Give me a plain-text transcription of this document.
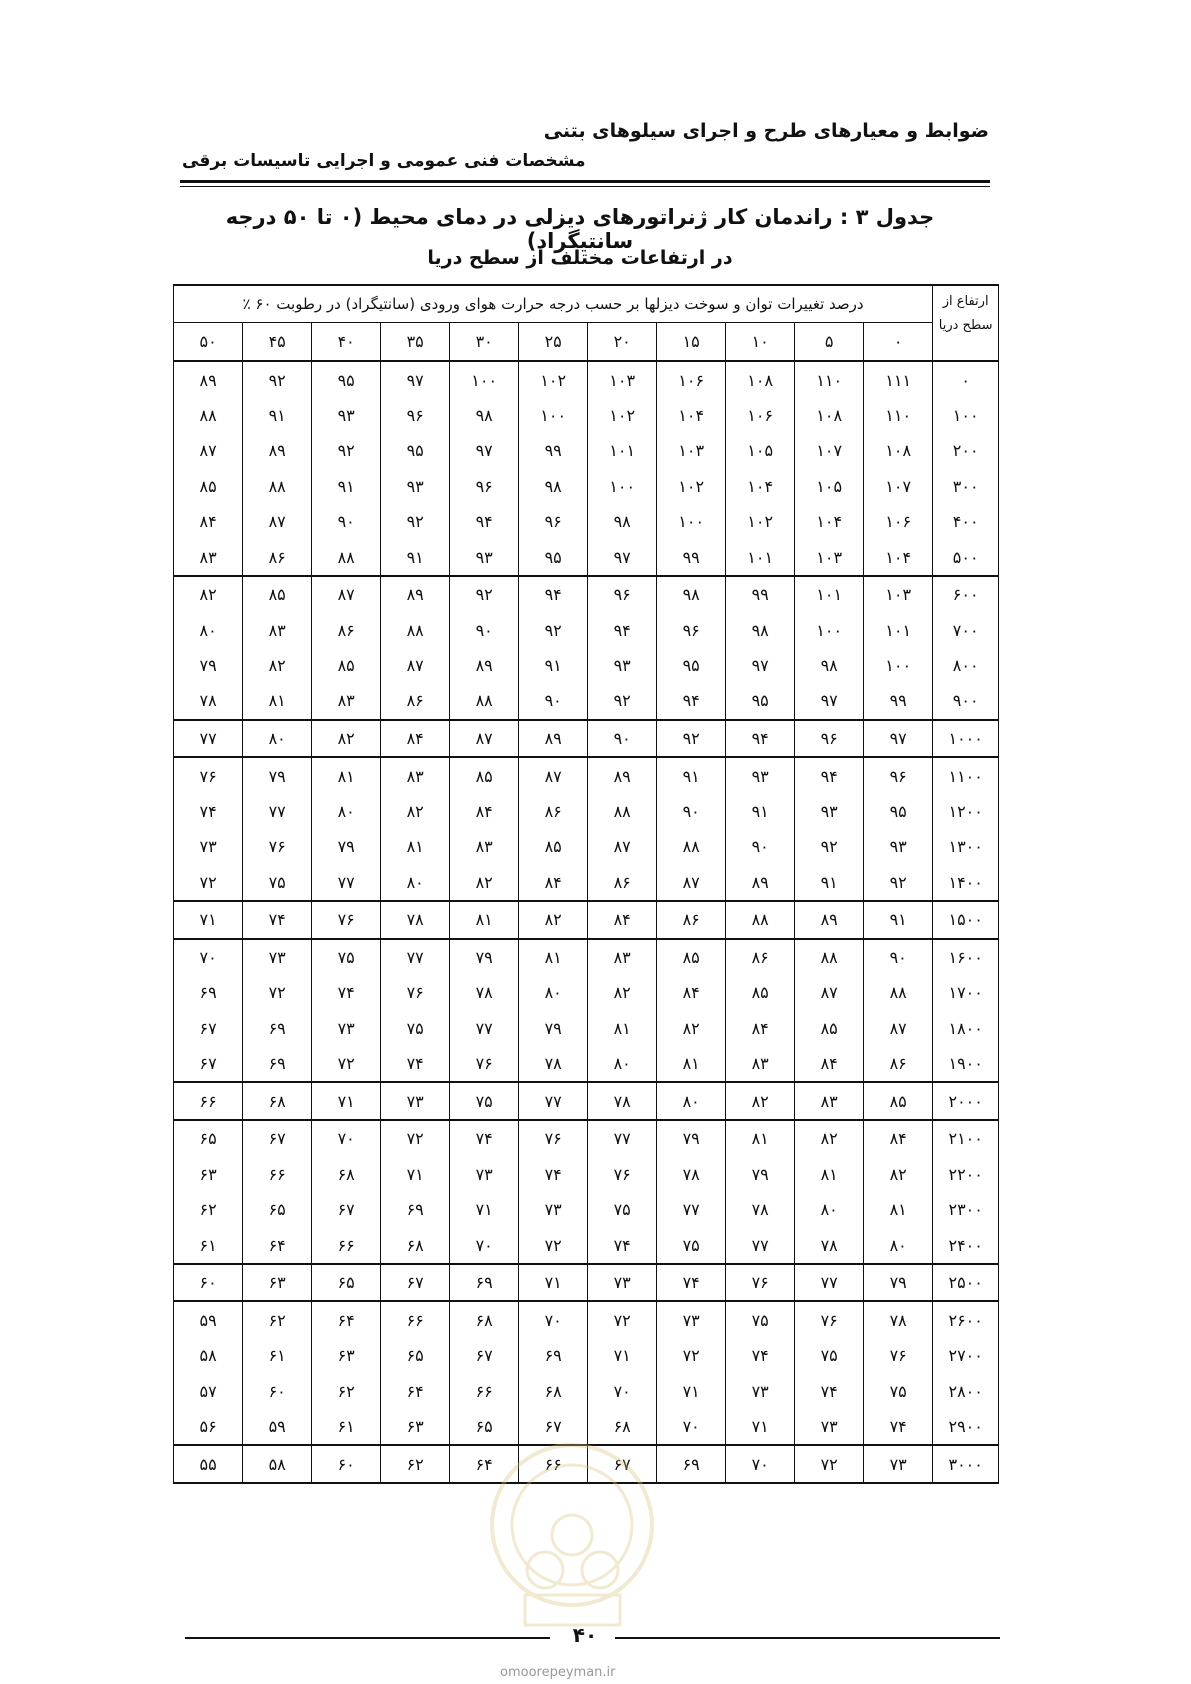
ضوابط و معیارهای طرح و اجرای سیلوهای بتنی
مشخصات فنی عمومی و اجرایی تاسیسات برقی
جدول ۳ : راندمان کار ژنراتورهای دیزلی در دمای محیط (۰ تا ۵۰ درجه سانتیگراد)
در ارتفاعات مختلف از سطح دریا
ارتفاع از
سطح دریا	درصد تغییرات توان و سوخت دیزلها بر حسب درجه حرارت هوای ورودی (سانتیگراد) در رطوبت ۶۰ ٪										
	۰	۵	۱۰	۱۵	۲۰	۲۵	۳۰	۳۵	۴۰	۴۵	۵۰
۰	۱۱۱	۱۱۰	۱۰۸	۱۰۶	۱۰۳	۱۰۲	۱۰۰	۹۷	۹۵	۹۲	۸۹
۱۰۰	۱۱۰	۱۰۸	۱۰۶	۱۰۴	۱۰۲	۱۰۰	۹۸	۹۶	۹۳	۹۱	۸۸
۲۰۰	۱۰۸	۱۰۷	۱۰۵	۱۰۳	۱۰۱	۹۹	۹۷	۹۵	۹۲	۸۹	۸۷
۳۰۰	۱۰۷	۱۰۵	۱۰۴	۱۰۲	۱۰۰	۹۸	۹۶	۹۳	۹۱	۸۸	۸۵
۴۰۰	۱۰۶	۱۰۴	۱۰۲	۱۰۰	۹۸	۹۶	۹۴	۹۲	۹۰	۸۷	۸۴
۵۰۰	۱۰۴	۱۰۳	۱۰۱	۹۹	۹۷	۹۵	۹۳	۹۱	۸۸	۸۶	۸۳
۶۰۰	۱۰۳	۱۰۱	۹۹	۹۸	۹۶	۹۴	۹۲	۸۹	۸۷	۸۵	۸۲
۷۰۰	۱۰۱	۱۰۰	۹۸	۹۶	۹۴	۹۲	۹۰	۸۸	۸۶	۸۳	۸۰
۸۰۰	۱۰۰	۹۸	۹۷	۹۵	۹۳	۹۱	۸۹	۸۷	۸۵	۸۲	۷۹
۹۰۰	۹۹	۹۷	۹۵	۹۴	۹۲	۹۰	۸۸	۸۶	۸۳	۸۱	۷۸
۱۰۰۰	۹۷	۹۶	۹۴	۹۲	۹۰	۸۹	۸۷	۸۴	۸۲	۸۰	۷۷
۱۱۰۰	۹۶	۹۴	۹۳	۹۱	۸۹	۸۷	۸۵	۸۳	۸۱	۷۹	۷۶
۱۲۰۰	۹۵	۹۳	۹۱	۹۰	۸۸	۸۶	۸۴	۸۲	۸۰	۷۷	۷۴
۱۳۰۰	۹۳	۹۲	۹۰	۸۸	۸۷	۸۵	۸۳	۸۱	۷۹	۷۶	۷۳
۱۴۰۰	۹۲	۹۱	۸۹	۸۷	۸۶	۸۴	۸۲	۸۰	۷۷	۷۵	۷۲
۱۵۰۰	۹۱	۸۹	۸۸	۸۶	۸۴	۸۲	۸۱	۷۸	۷۶	۷۴	۷۱
۱۶۰۰	۹۰	۸۸	۸۶	۸۵	۸۳	۸۱	۷۹	۷۷	۷۵	۷۳	۷۰
۱۷۰۰	۸۸	۸۷	۸۵	۸۴	۸۲	۸۰	۷۸	۷۶	۷۴	۷۲	۶۹
۱۸۰۰	۸۷	۸۵	۸۴	۸۲	۸۱	۷۹	۷۷	۷۵	۷۳	۶۹	۶۷
۱۹۰۰	۸۶	۸۴	۸۳	۸۱	۸۰	۷۸	۷۶	۷۴	۷۲	۶۹	۶۷
۲۰۰۰	۸۵	۸۳	۸۲	۸۰	۷۸	۷۷	۷۵	۷۳	۷۱	۶۸	۶۶
۲۱۰۰	۸۴	۸۲	۸۱	۷۹	۷۷	۷۶	۷۴	۷۲	۷۰	۶۷	۶۵
۲۲۰۰	۸۲	۸۱	۷۹	۷۸	۷۶	۷۴	۷۳	۷۱	۶۸	۶۶	۶۳
۲۳۰۰	۸۱	۸۰	۷۸	۷۷	۷۵	۷۳	۷۱	۶۹	۶۷	۶۵	۶۲
۲۴۰۰	۸۰	۷۸	۷۷	۷۵	۷۴	۷۲	۷۰	۶۸	۶۶	۶۴	۶۱
۲۵۰۰	۷۹	۷۷	۷۶	۷۴	۷۳	۷۱	۶۹	۶۷	۶۵	۶۳	۶۰
۲۶۰۰	۷۸	۷۶	۷۵	۷۳	۷۲	۷۰	۶۸	۶۶	۶۴	۶۲	۵۹
۲۷۰۰	۷۶	۷۵	۷۴	۷۲	۷۱	۶۹	۶۷	۶۵	۶۳	۶۱	۵۸
۲۸۰۰	۷۵	۷۴	۷۳	۷۱	۷۰	۶۸	۶۶	۶۴	۶۲	۶۰	۵۷
۲۹۰۰	۷۴	۷۳	۷۱	۷۰	۶۸	۶۷	۶۵	۶۳	۶۱	۵۹	۵۶
۳۰۰۰	۷۳	۷۲	۷۰	۶۹	۶۷	۶۶	۶۴	۶۲	۶۰	۵۸	۵۵
۴۰
omoorepeyman.ir
